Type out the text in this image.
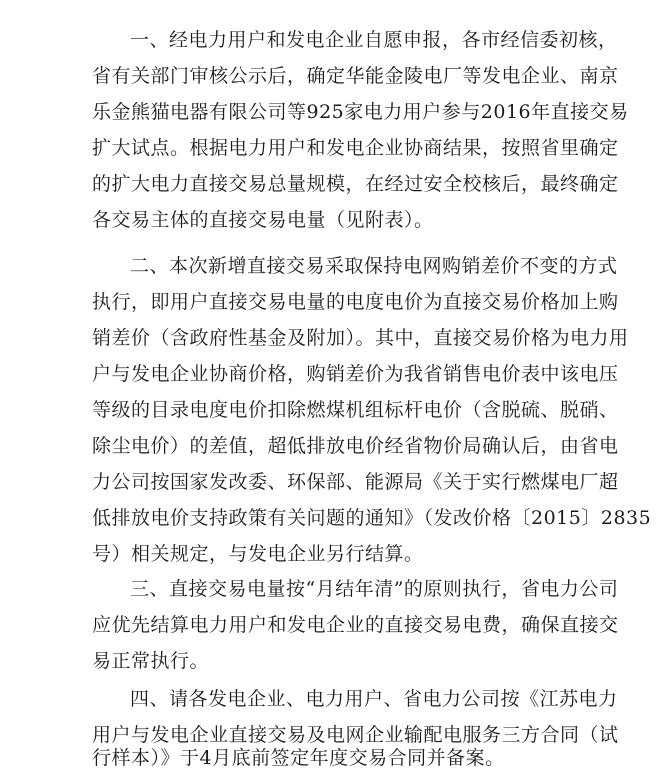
一、经电力用户和发电企业自愿申报，各市经信委初核，
省有关部门审核公示后，确定华能金陵电厂等发电企业、南京
乐金熊猫电器有限公司等925家电力用户参与2016年直接交易
扩大试点。根据电力用户和发电企业协商结果，按照省里确定
的扩大电力直接交易总量规模，在经过安全校核后，最终确定
各交易主体的直接交易电量（见附表）。
二、本次新增直接交易采取保持电网购销差价不变的方式
执行，即用户直接交易电量的电度电价为直接交易价格加上购
销差价（含政府性基金及附加）。其中，直接交易价格为电力用
户与发电企业协商价格，购销差价为我省销售电价表中该电压
等级的目录电度电价扣除燃煤机组标杆电价（含脱硫、脱硝、
除尘电价）的差值，超低排放电价经省物价局确认后，由省电
力公司按国家发改委、环保部、能源局《关于实行燃煤电厂超
低排放电价支持政策有关问题的通知》（发改价格〔2015〕2835
号）相关规定，与发电企业另行结算。
三、直接交易电量按“月结年清”的原则执行，省电力公司
应优先结算电力用户和发电企业的直接交易电费，确保直接交
易正常执行。
四、请各发电企业、电力用户、省电力公司按《江苏电力
用户与发电企业直接交易及电网企业输配电服务三方合同（试
行样本）》于4月底前签定年度交易合同并备案。
